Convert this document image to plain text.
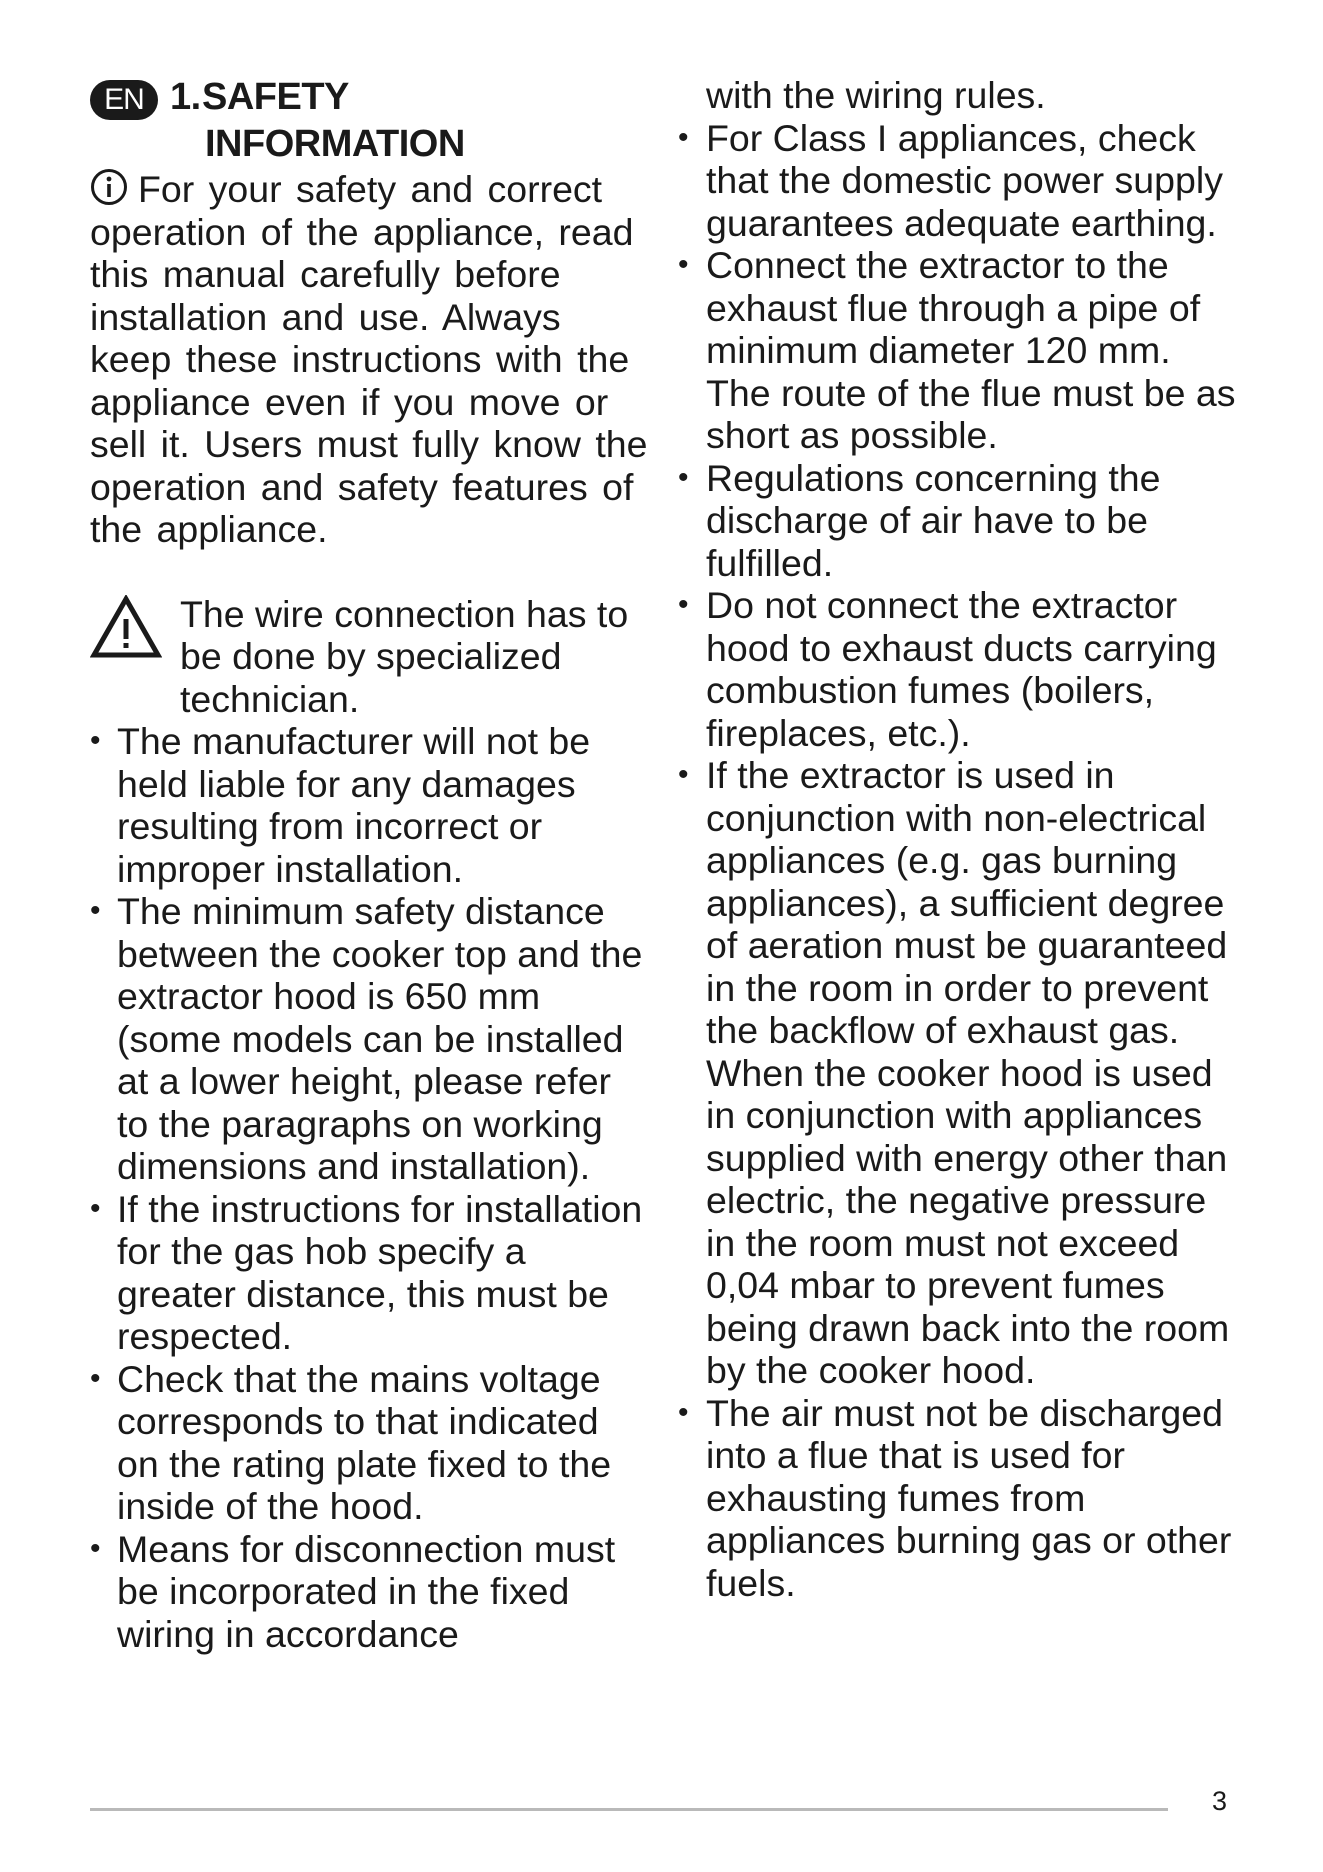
EN 1. SAFETY
INFORMATION
For your safety and correct operation of the appliance, read this manual carefully before installation and use. Always keep these instructions with the appliance even if you move or sell it. Users must fully know the operation and safety features of the appliance.
The wire connection has to be done by specialized technician.
• The manufacturer will not be held liable for any damages resulting from incorrect or improper installation.
• The minimum safety distance between the cooker top and the extractor hood is 650 mm (some models can be installed at a lower height, please refer to the paragraphs on working dimensions and installation).
• If the instructions for installation for the gas hob specify a greater distance, this must be respected.
• Check that the mains voltage corresponds to that indicated on the rating plate fixed to the inside of the hood.
• Means for disconnection must be incorporated in the fixed wiring in accordance
with the wiring rules.
• For Class I appliances, check that the domestic power supply guarantees adequate earthing.
• Connect the extractor to the exhaust flue through a pipe of minimum diameter 120 mm. The route of the flue must be as short as possible.
• Regulations concerning the discharge of air have to be fulfilled.
• Do not connect the extractor hood to exhaust ducts carrying combustion fumes (boilers, fireplaces, etc.).
• If the extractor is used in conjunction with non-electrical appliances (e.g. gas burning appliances), a sufficient degree of aeration must be guaranteed in the room in order to prevent the backflow of exhaust gas. When the cooker hood is used in conjunction with appliances supplied with energy other than electric, the negative pressure in the room must not exceed 0,04 mbar to prevent fumes being drawn back into the room by the cooker hood.
• The air must not be discharged into a flue that is used for exhausting fumes from appliances burning gas or other fuels.
3
